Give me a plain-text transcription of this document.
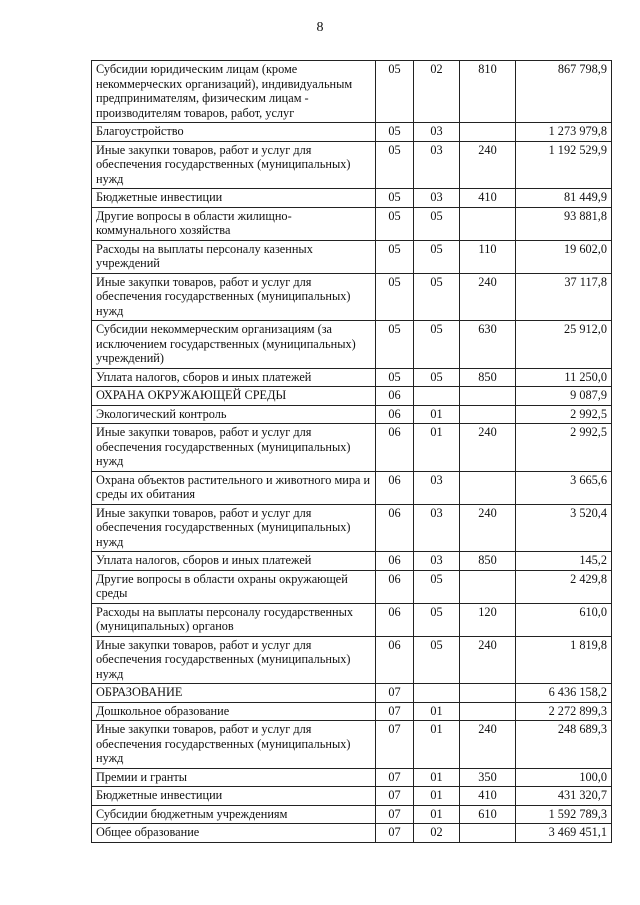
8
Субсидии юридическим лицам (кроме некоммерческих организаций), индивидуальным предпринимателям, физическим лицам - производителям товаров, работ, услуг	05	02	810	867 798,9
Благоустройство	05	03		1 273 979,8
Иные закупки товаров, работ и услуг для обеспечения государственных (муниципальных) нужд	05	03	240	1 192 529,9
Бюджетные инвестиции	05	03	410	81 449,9
Другие вопросы в области жилищно-коммунального хозяйства	05	05		93 881,8
Расходы на выплаты персоналу казенных учреждений	05	05	110	19 602,0
Иные закупки товаров, работ и услуг для обеспечения государственных (муниципальных) нужд	05	05	240	37 117,8
Субсидии некоммерческим организациям (за исключением государственных (муниципальных) учреждений)	05	05	630	25 912,0
Уплата налогов, сборов и иных платежей	05	05	850	11 250,0
ОХРАНА ОКРУЖАЮЩЕЙ СРЕДЫ	06			9 087,9
Экологический контроль	06	01		2 992,5
Иные закупки товаров, работ и услуг для обеспечения государственных (муниципальных) нужд	06	01	240	2 992,5
Охрана объектов растительного и животного мира и среды их обитания	06	03		3 665,6
Иные закупки товаров, работ и услуг для обеспечения государственных (муниципальных) нужд	06	03	240	3 520,4
Уплата налогов, сборов и иных платежей	06	03	850	145,2
Другие вопросы в области охраны окружающей среды	06	05		2 429,8
Расходы на выплаты персоналу государственных (муниципальных) органов	06	05	120	610,0
Иные закупки товаров, работ и услуг для обеспечения государственных (муниципальных) нужд	06	05	240	1 819,8
ОБРАЗОВАНИЕ	07			6 436 158,2
Дошкольное образование	07	01		2 272 899,3
Иные закупки товаров, работ и услуг для обеспечения государственных (муниципальных) нужд	07	01	240	248 689,3
Премии и гранты	07	01	350	100,0
Бюджетные инвестиции	07	01	410	431 320,7
Субсидии бюджетным учреждениям	07	01	610	1 592 789,3
Общее образование	07	02		3 469 451,1
